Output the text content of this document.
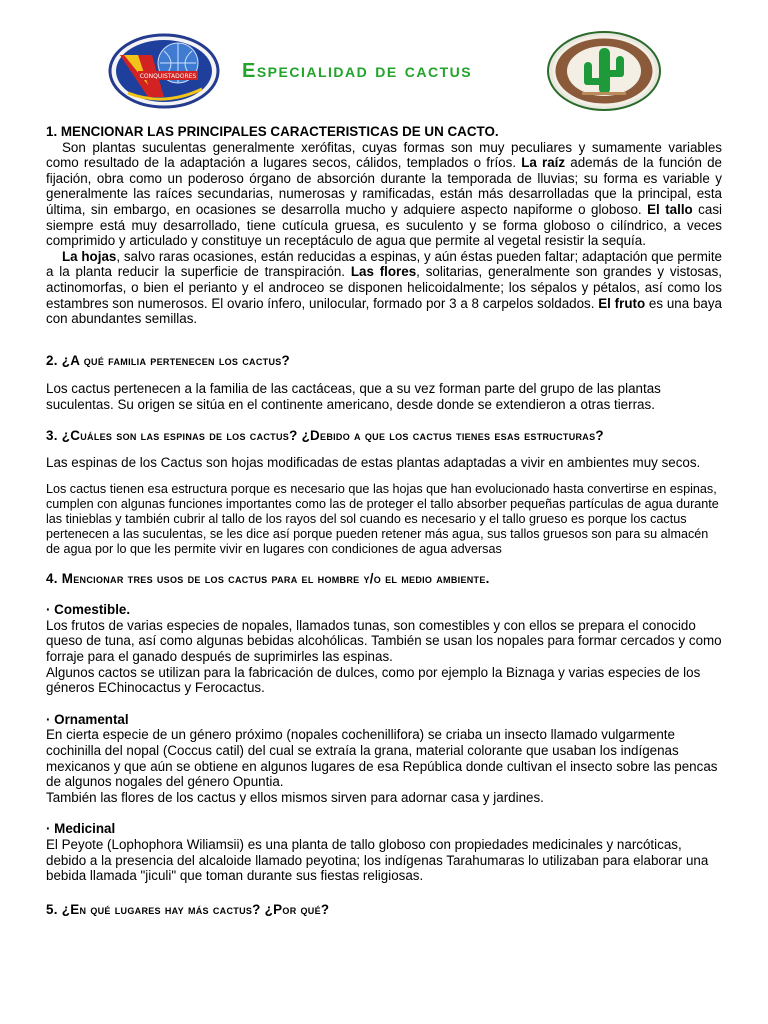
CONQUISTADORES Especialidad de cactus

1. MENCIONAR LAS PRINCIPALES CARACTERISTICAS DE UN CACTO.

Son plantas suculentas generalmente xerófitas, cuyas formas son muy peculiares y sumamente variables como resultado de la adaptación a lugares secos, cálidos, templados o fríos. La raíz además de la función de fijación, obra como un poderoso órgano de absorción durante la temporada de lluvias; su forma es variable y generalmente las raíces secundarias, numerosas y ramificadas, están más desarrolladas que la principal, esta última, sin embargo, en ocasiones se desarrolla mucho y adquiere aspecto napiforme o globoso. El tallo casi siempre está muy desarrollado, tiene cutícula gruesa, es suculento y se forma globoso o cilíndrico, a veces comprimido y articulado y constituye un receptáculo de agua que permite al vegetal resistir la sequía.

La hojas, salvo raras ocasiones, están reducidas a espinas, y aún éstas pueden faltar; adaptación que permite a la planta reducir la superficie de transpiración. Las flores, solitarias, generalmente son grandes y vistosas, actinomorfas, o bien el perianto y el androceo se disponen helicoidalmente; los sépalos y pétalos, así como los estambres son numerosos. El ovario ínfero, unilocular, formado por 3 a 8 carpelos soldados. El fruto es una baya con abundantes semillas.

2. ¿A qué familia pertenecen los cactus?

Los cactus pertenecen a la familia de las cactáceas, que a su vez forman parte del grupo de las plantas suculentas. Su origen se sitúa en el continente americano, desde donde se extendieron a otras tierras.

3. ¿Cuáles son las espinas de los cactus? ¿Debido a que los cactus tienes esas estructuras?

Las espinas de los Cactus son hojas modificadas de estas plantas adaptadas a vivir en ambientes muy secos.

Los cactus tienen esa estructura porque es necesario que las hojas que han evolucionado hasta convertirse en espinas, cumplen con algunas funciones importantes como las de proteger el tallo absorber pequeñas partículas de agua durante las tinieblas y también cubrir al tallo de los rayos del sol cuando es necesario y el tallo grueso es porque los cactus pertenecen a las suculentas, se les dice así porque pueden retener más agua, sus tallos gruesos son para su almacén de agua por lo que les permite vivir en lugares con condiciones de agua adversas

4. Mencionar tres usos de los cactus para el hombre y/o el medio ambiente.

· Comestible.

Los frutos de varias especies de nopales, llamados tunas, son comestibles y con ellos se prepara el conocido queso de tuna, así como algunas bebidas alcohólicas. También se usan los nopales para formar cercados y como forraje para el ganado después de suprimirles las espinas.

Algunos cactos se utilizan para la fabricación de dulces, como por ejemplo la Biznaga y varias especies de los géneros EChinocactus y Ferocactus.

· Ornamental

En cierta especie de un género próximo (nopales cochenillifora) se criaba un insecto llamado vulgarmente cochinilla del nopal (Coccus catil) del cual se extraía la grana, material colorante que usaban los indígenas mexicanos y que aún se obtiene en algunos lugares de esa República donde cultivan el insecto sobre las pencas de algunos nogales del género Opuntia.

También las flores de los cactus y ellos mismos sirven para adornar casa y jardines.

· Medicinal

El Peyote (Lophophora Wiliamsii) es una planta de tallo globoso con propiedades medicinales y narcóticas, debido a la presencia del alcaloide llamado peyotina; los indígenas Tarahumaras lo utilizaban para elaborar una bebida llamada "jiculi" que toman durante sus fiestas religiosas.

5. ¿En qué lugares hay más cactus? ¿Por qué?
